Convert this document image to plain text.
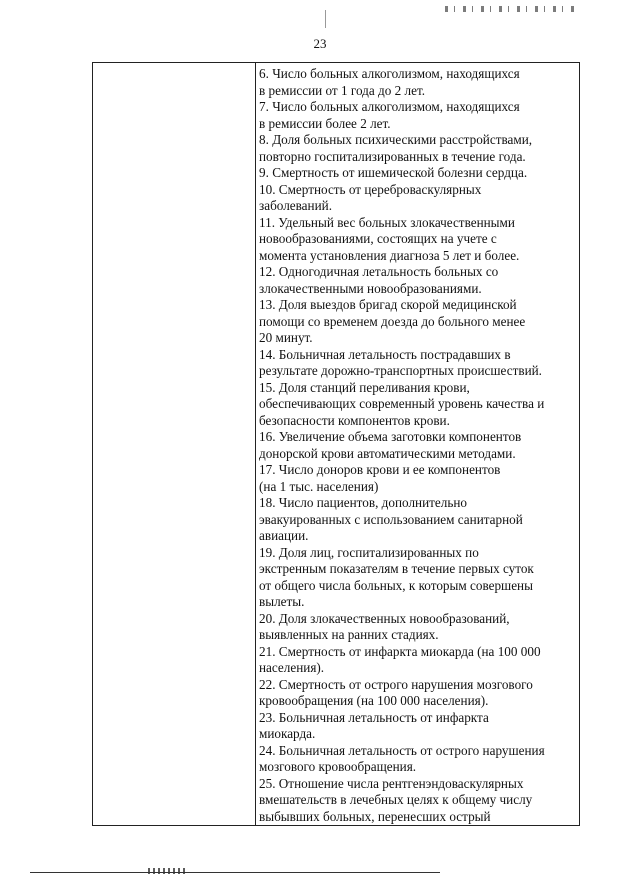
23
6. Число больных алкоголизмом, находящихся
в ремиссии от 1 года до 2 лет.
7. Число больных алкоголизмом, находящихся
в ремиссии более 2 лет.
8. Доля больных психическими расстройствами,
повторно госпитализированных в течение года.
9. Смертность от ишемической болезни сердца.
10. Смертность от цереброваскулярных
заболеваний.
11. Удельный вес больных злокачественными
новообразованиями, состоящих на учете с
момента установления диагноза 5 лет и более.
12. Одногодичная летальность больных со
злокачественными новообразованиями.
13. Доля выездов бригад скорой медицинской
помощи со временем доезда до больного менее
20 минут.
14. Больничная летальность пострадавших в
результате дорожно-транспортных происшествий.
15. Доля станций переливания крови,
обеспечивающих современный уровень качества и
безопасности компонентов крови.
16. Увеличение объема заготовки компонентов
донорской крови автоматическими методами.
17. Число доноров крови и ее компонентов
(на 1 тыс. населения)
18. Число пациентов, дополнительно
эвакуированных с использованием санитарной
авиации.
19. Доля лиц, госпитализированных по
экстренным показателям в течение первых суток
от общего числа больных, к которым совершены
вылеты.
20. Доля злокачественных новообразований,
выявленных на ранних стадиях.
21. Смертность от инфаркта миокарда (на 100 000
населения).
22. Смертность от острого нарушения мозгового
кровообращения (на 100 000 населения).
23. Больничная летальность от инфаркта
миокарда.
24. Больничная летальность от острого нарушения
мозгового кровообращения.
25. Отношение числа рентгенэндоваскулярных
вмешательств в лечебных целях к общему числу
выбывших больных, перенесших острый
